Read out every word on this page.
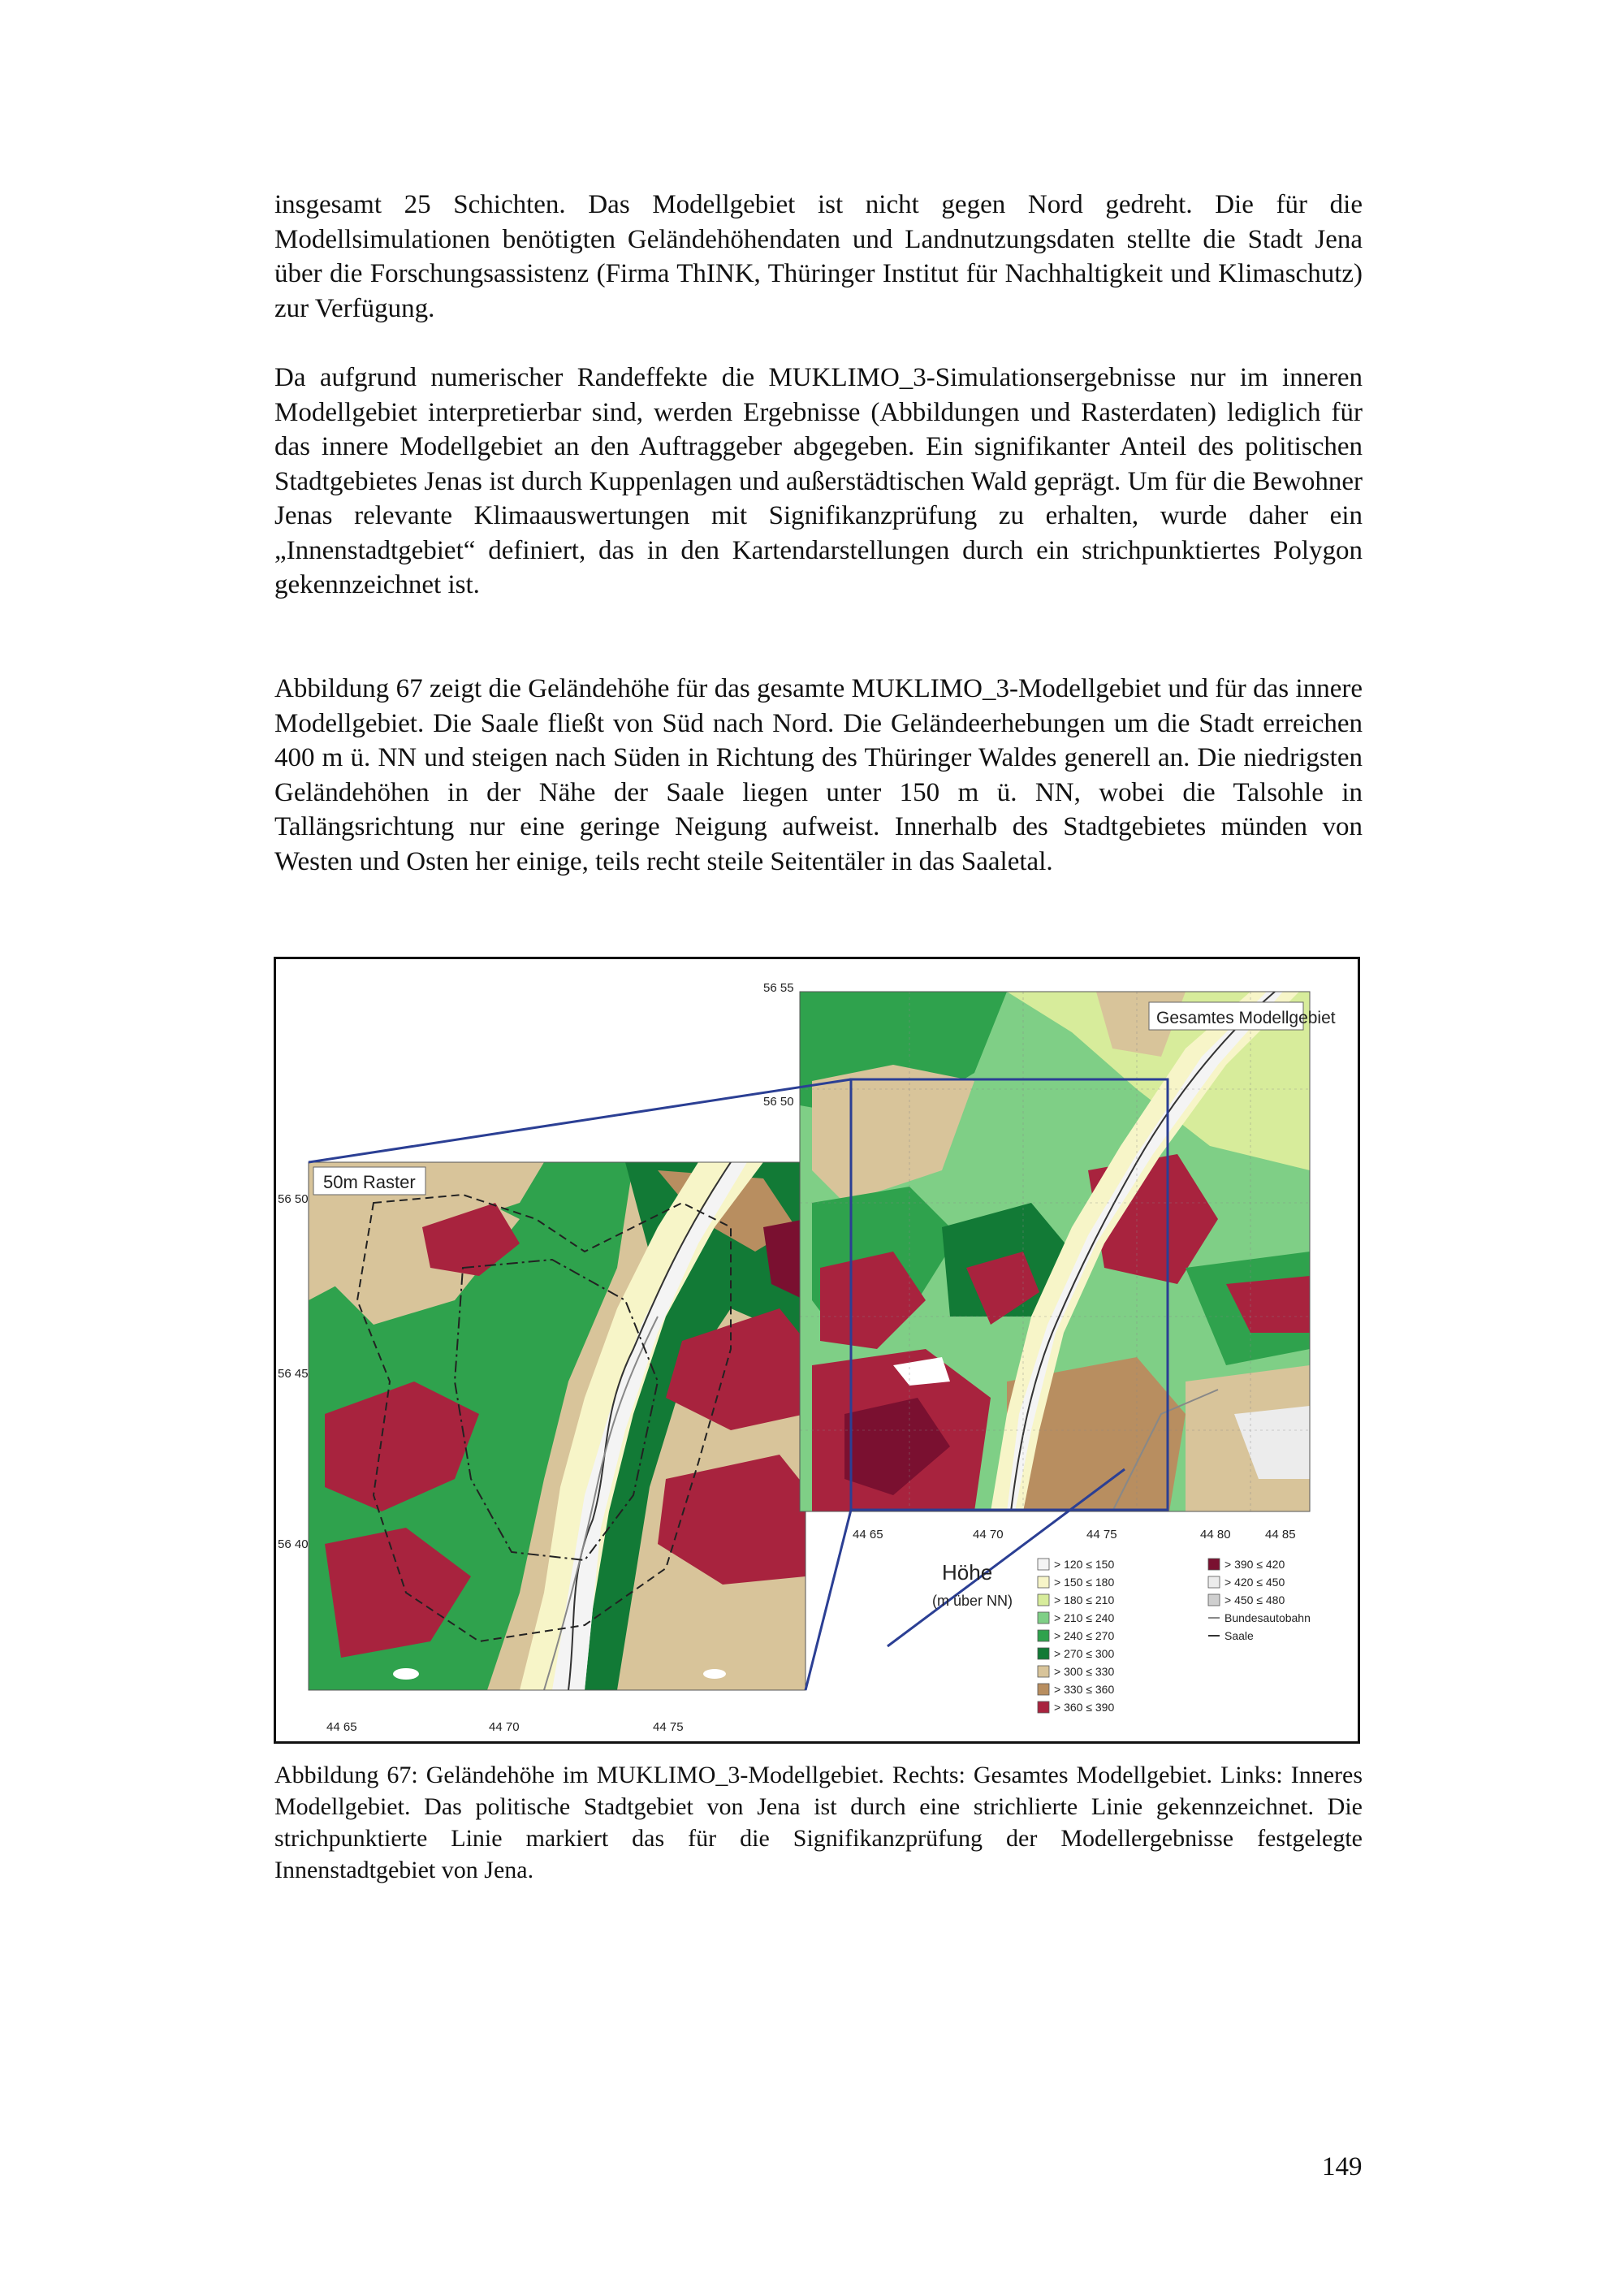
insgesamt 25 Schichten. Das Modellgebiet ist nicht gegen Nord gedreht. Die für die Modellsimulationen benötigten Geländehöhendaten und Landnutzungsdaten stellte die Stadt Jena über die Forschungsassistenz (Firma ThINK, Thüringer Institut für Nachhaltigkeit und Klimaschutz) zur Verfügung.

Da aufgrund numerischer Randeffekte die MUKLIMO_3-Simulationsergebnisse nur im inneren Modellgebiet interpretierbar sind, werden Ergebnisse (Abbildungen und Rasterdaten) lediglich für das innere Modellgebiet an den Auftraggeber abgegeben. Ein signifikanter Anteil des politischen Stadtgebietes Jenas ist durch Kuppenlagen und außerstädtischen Wald geprägt. Um für die Bewohner Jenas relevante Klimaauswertungen mit Signifikanzprüfung zu erhalten, wurde daher ein „Innenstadtgebiet“ definiert, das in den Kartendarstellungen durch ein strichpunktiertes Polygon gekennzeichnet ist.

Abbildung 67 zeigt die Geländehöhe für das gesamte MUKLIMO_3-Modellgebiet und für das innere Modellgebiet. Die Saale fließt von Süd nach Nord. Die Geländeerhebungen um die Stadt erreichen 400 m ü. NN und steigen nach Süden in Richtung des Thüringer Waldes generell an. Die niedrigsten Geländehöhen in der Nähe der Saale liegen unter 150 m ü. NN, wobei die Talsohle in Tallängsrichtung nur eine geringe Neigung aufweist. Innerhalb des Stadtgebietes münden von Westen und Osten her einige, teils recht steile Seitentäler in das Saaletal.

50m Raster
56 50
56 45
56 40
44 65	44 70	44 75
Gesamtes Modellgebiet
56 55
56 50
44 65	44 70	44 75	44 80	44 85
Höhe
(m über NN)
> 120 ≤ 150
> 150 ≤ 180
> 180 ≤ 210
> 210 ≤ 240
> 240 ≤ 270
> 270 ≤ 300
> 300 ≤ 330
> 330 ≤ 360
> 360 ≤ 390
> 390 ≤ 420
> 420 ≤ 450
> 450 ≤ 480
Bundesautobahn
Saale

Abbildung 67: Geländehöhe im MUKLIMO_3-Modellgebiet. Rechts: Gesamtes Modellgebiet. Links: Inneres Modellgebiet. Das politische Stadtgebiet von Jena ist durch eine strichlierte Linie gekennzeichnet. Die strichpunktierte Linie markiert das für die Signifikanzprüfung der Modellergebnisse festgelegte Innenstadtgebiet von Jena.

149
